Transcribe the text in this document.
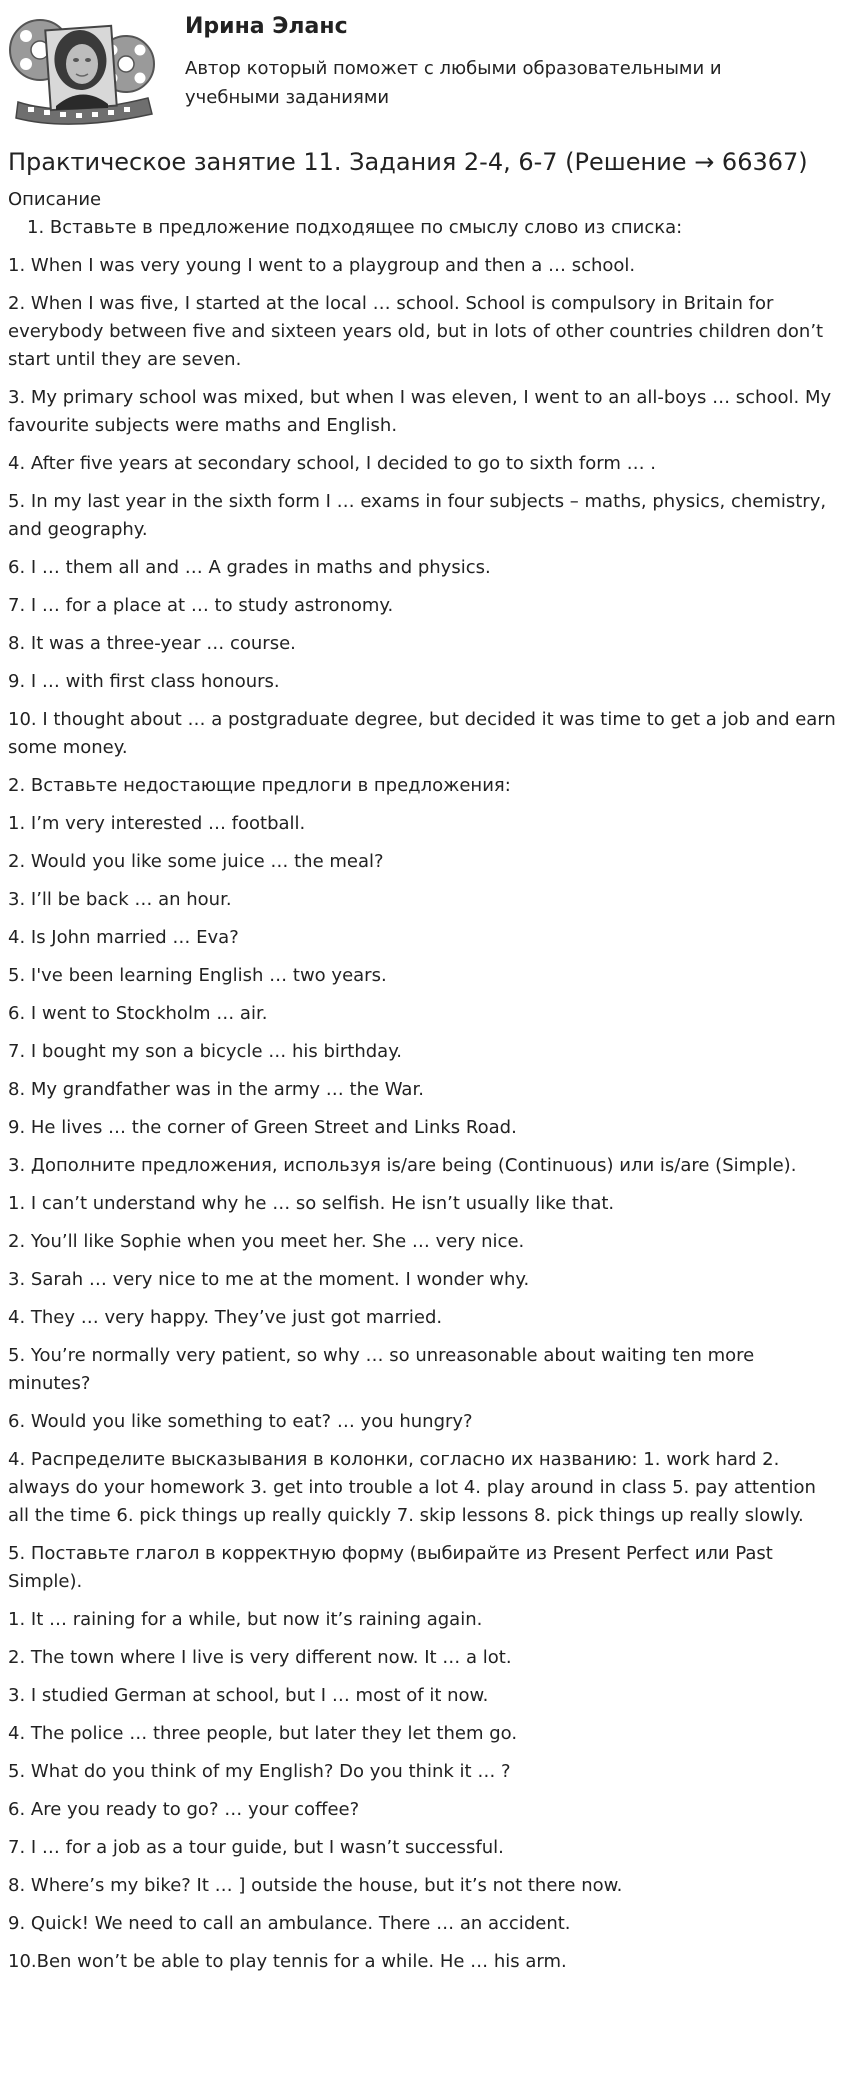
Ирина Эланс
Автор который поможет с любыми образовательными и учебными заданиями
Практическое занятие 11. Задания 2-4, 6-7 (Решение → 66367)
Описание

1. Вставьте в предложение подходящее по смыслу слово из списка:

1. When I was very young I went to a playgroup and then a … school.

2. When I was five, I started at the local … school. School is compulsory in Britain for everybody between five and sixteen years old, but in lots of other countries children don’t start until they are seven.

3. My primary school was mixed, but when I was eleven, I went to an all-boys … school. My favourite subjects were maths and English.

4. After five years at secondary school, I decided to go to sixth form … .

5. In my last year in the sixth form I … exams in four subjects – maths, physics, chemistry, and geography.

6. I … them all and … A grades in maths and physics.

7. I … for a place at … to study astronomy.

8. It was a three-year … course.

9. I … with first class honours.

10. I thought about … a postgraduate degree, but decided it was time to get a job and earn some money.

2. Вставьте недостающие предлоги в предложения:

1. I’m very interested … football.

2. Would you like some juice … the meal?

3. I’ll be back … an hour.

4. Is John married … Eva?

5. I've been learning English … two years.

6. I went to Stockholm … air.

7. I bought my son a bicycle … his birthday.

8. My grandfather was in the army … the War.

9. He lives … the corner of Green Street and Links Road.

3. Дополните предложения, используя is/are being (Continuous) или is/are (Simple).

1. I can’t understand why he … so selfish. He isn’t usually like that.

2. You’ll like Sophie when you meet her. She … very nice.

3. Sarah … very nice to me at the moment. I wonder why.

4. They … very happy. They’ve just got married.

5. You’re normally very patient, so why … so unreasonable about waiting ten more minutes?

6. Would you like something to eat? … you hungry?

4. Распределите высказывания в колонки, согласно их названию: 1. work hard 2. always do your homework 3. get into trouble a lot 4. play around in class 5. pay attention all the time 6. pick things up really quickly 7. skip lessons 8. pick things up really slowly.

5. Поставьте глагол в корректную форму (выбирайте из Present Perfect или Past Simple).

1. It … raining for a while, but now it’s raining again.

2. The town where I live is very different now. It … a lot.

3. I studied German at school, but I … most of it now.

4. The police … three people, but later they let them go.

5. What do you think of my English? Do you think it … ?

6. Are you ready to go? … your coffee?

7. I … for a job as a tour guide, but I wasn’t successful.

8. Where’s my bike? It … ] outside the house, but it’s not there now.

9. Quick! We need to call an ambulance. There … an accident.

10.Ben won’t be able to play tennis for a while. He … his arm.
